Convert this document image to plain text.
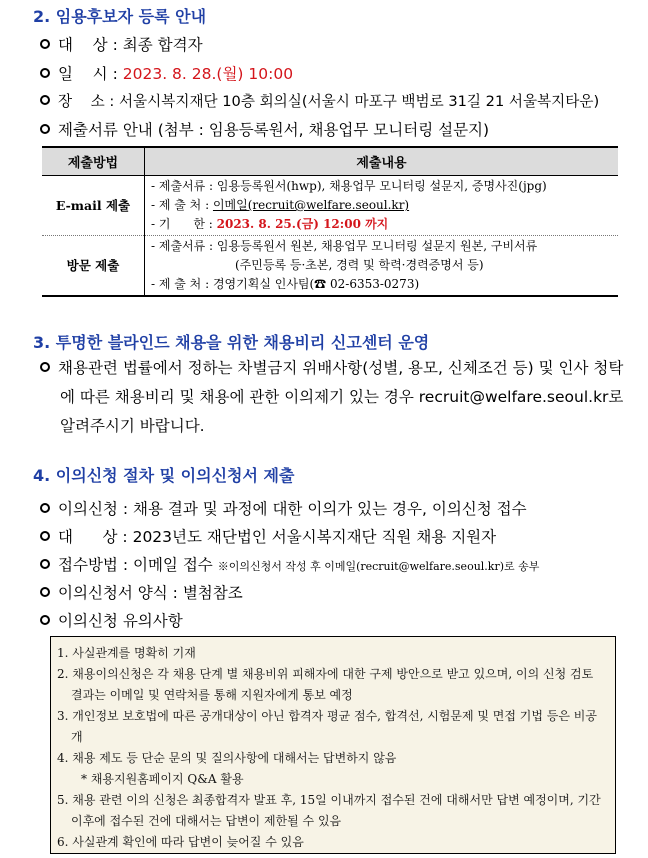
2. 임용후보자 등록 안내
대    상 : 최종 합격자
일    시 : 2023. 8. 28.(월) 10:00
장    소 : 서울시복지재단 10층 회의실(서울시 마포구 백범로 31길 21 서울복지타운)
제출서류 안내 (첨부 : 임용등록원서, 채용업무 모니터링 설문지)
제출방법	제출내용
E-mail 제출	- 제출서류 : 임용등록원서(hwp), 채용업무 모니터링 설문지, 증명사진(jpg)
- 제 출 처 : 이메일(recruit@welfare.seoul.kr)
- 기      한 : 2023. 8. 25.(금) 12:00 까지

방문 제출	- 제출서류 : 임용등록원서 원본, 채용업무 모니터링 설문지 원본, 구비서류
(주민등록 등·초본, 경력 및 학력·경력증명서 등)
- 제 출 처 : 경영기획실 인사팀(☎ 02-6353-0273)
3. 투명한 블라인드 채용을 위한 채용비리 신고센터 운영
채용관련 법률에서 정하는 차별금지 위배사항(성별, 용모, 신체조건 등) 및 인사 청탁에 따른 채용비리 및 채용에 관한 이의제기 있는 경우 recruit@welfare.seoul.kr로 알려주시기 바랍니다.
4. 이의신청 절차 및 이의신청서 제출
이의신청 : 채용 결과 및 과정에 대한 이의가 있는 경우, 이의신청 접수
대      상 : 2023년도 재단법인 서울시복지재단 직원 채용 지원자
접수방법 : 이메일 접수 ※이의신청서 작성 후 이메일(recruit@welfare.seoul.kr)로 송부
이의신청서 양식 : 별첨참조
이의신청 유의사항
1. 사실관계를 명확히 기재
2. 채용이의신청은 각 채용 단계 별 채용비위 피해자에 대한 구제 방안으로 받고 있으며, 이의 신청 검토 결과는 이메일 및 연락처를 통해 지원자에게 통보 예정
3. 개인정보 보호법에 따른 공개대상이 아닌 합격자 평균 점수, 합격선, 시험문제 및 면접 기법 등은 비공개
4. 채용 제도 등 단순 문의 및 질의사항에 대해서는 답변하지 않음
* 채용지원홈페이지 Q&A 활용
5. 채용 관련 이의 신청은 최종합격자 발표 후, 15일 이내까지 접수된 건에 대해서만 답변 예정이며, 기간 이후에 접수된 건에 대해서는 답변이 제한될 수 있음
6. 사실관계 확인에 따라 답변이 늦어질 수 있음
